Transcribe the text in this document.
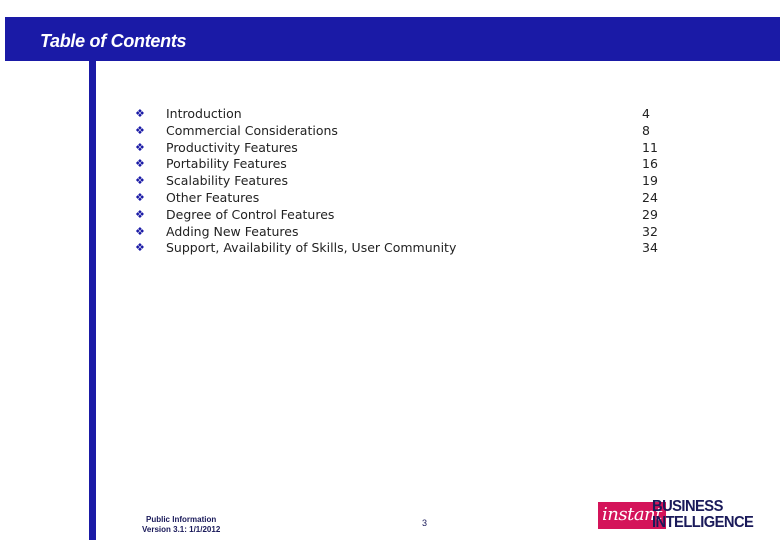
Table of Contents
❖ Introduction	4
❖ Commercial Considerations	8
❖ Productivity Features	11
❖ Portability Features	16
❖ Scalability Features	19
❖ Other Features	24
❖ Degree of Control Features	29
❖ Adding New Features	32
❖ Support, Availability of Skills, User Community	34
Public Information
Version 3.1: 1/1/2012
3	instant
BUSINESS
INTELLIGENCE
